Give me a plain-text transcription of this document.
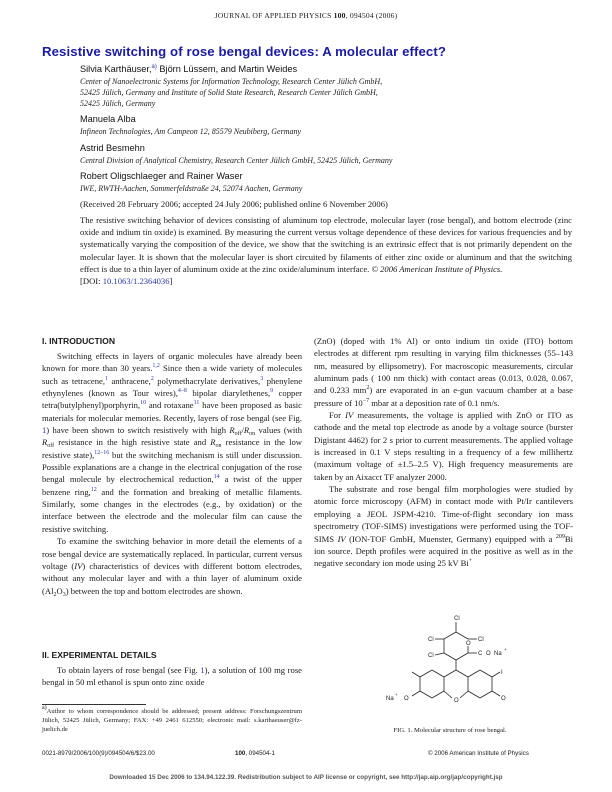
JOURNAL OF APPLIED PHYSICS 100, 094504 (2006)
Resistive switching of rose bengal devices: A molecular effect?
Silvia Karthäuser,$^{a)}$ Björn Lüssem, and Martin Weides
Center of Nanoelectronic Systems for Information Technology, Research Center Jülich GmbH,
52425 Jülich, Germany and Institute of Solid State Research, Research Center Jülich GmbH,
52425 Jülich, Germany
Manuela Alba
Infineon Technologies, Am Campeon 12, 85579 Neubiberg, Germany
Astrid Besmehn
Central Division of Analytical Chemistry, Research Center Jülich GmbH, 52425 Jülich, Germany
Robert Oligschlaeger and Rainer Waser
IWE, RWTH-Aachen, Sommerfeldstraße 24, 52074 Aachen, Germany
(Received 28 February 2006; accepted 24 July 2006; published online 6 November 2006)
The resistive switching behavior of devices consisting of aluminum top electrode, molecular layer (rose bengal), and bottom electrode (zinc oxide and indium tin oxide) is examined. By measuring the current versus voltage dependence of these devices for various frequencies and by systematically varying the composition of the device, we show that the switching is an extrinsic effect that is not primarily dependent on the molecular layer. It is shown that the molecular layer is short circuited by filaments of either zinc oxide or aluminum and that the switching effect is due to a thin layer of aluminum oxide at the zinc oxide/aluminum interface. © 2006 American Institute of Physics.
[DOI: 10.1063/1.2364036]
I. INTRODUCTION

Switching effects in layers of organic molecules have already been known for more than 30 years.$^{1,2}$ Since then a wide variety of molecules such as tetracene,$^1$ anthracene,$^2$ polymethacrylate derivatives,$^3$ phenylene ethynylenes (known as Tour wires),$^{4-8}$ bipolar diarylethenes,$^9$ copper tetra(butylphenyl)porphyrin,$^{10}$ and rotaxane$^{11}$ have been proposed as basic materials for molecular memories. Recently, layers of rose bengal (see Fig. 1) have been shown to switch resistively with high $R_{off}/R_{on}$ values (with $R_{off}$ resistance in the high resistive state and $R_{on}$ resistance in the low resistive state),$^{12-16}$ but the switching mechanism is still under discussion. Possible explanations are a change in the electrical conjugation of the rose bengal molecule by electrochemical reduction,$^{14}$ a twist of the upper benzene ring,$^{12}$ and the formation and breaking of metallic filaments. Similarly, some changes in the electrodes (e.g., by oxidation) or the interface between the electrode and the molecular film can cause the resistive switching.

To examine the switching behavior in more detail the elements of a rose bengal device are systematically replaced. In particular, current versus voltage (IV) characteristics of devices with different bottom electrodes, without any molecular layer and with a thin layer of aluminum oxide $(Al_2O_3)$ between the top and bottom electrodes are shown.

II. EXPERIMENTAL DETAILS

To obtain layers of rose bengal (see Fig. 1), a solution of 100 mg rose bengal in 50 ml ethanol is spun onto zinc oxide

$^{a)}$Author to whom correspondence should be addressed; present address: Forschungszentrum Jülich, 52425 Jülich, Germany; FAX: +49 2461 612550; electronic mail: s.karthaeuser@fz-juelich.de

(ZnO) (doped with 1% Al) or onto indium tin oxide (ITO) bottom electrodes at different rpm resulting in varying film thicknesses (55–143 nm, measured by ellipsometry). For macroscopic measurements, circular aluminum pads ( 100 nm thick) with contact areas (0.013, 0.028, 0.067, and 0.233 $mm^2$) are evaporated in an e-gun vacuum chamber at a base pressure of $10^{-7}$ mbar at a deposition rate of 0.1 nm/s.

For IV measurements, the voltage is applied with ZnO or ITO as cathode and the metal top electrode as anode by a voltage source (burster Digistant 4462) for 2 s prior to current measurements. The applied voltage is increased in 0.1 V steps resulting in a frequency of a few millihertz (maximum voltage of ±1.5–2.5 V). High frequency measurements are taken by an Aixacct TF analyzer 2000.

The substrate and rose bengal film morphologies were studied by atomic force microscopy (AFM) in contact mode with Pt/Ir cantilevers employing a JEOL JSPM-4210. Time-of-flight secondary ion mass spectrometry (TOF-SIMS) investigations were performed using the TOF-SIMS IV (ION-TOF GmbH, Muenster, Germany) equipped with a $^{209}$Bi ion source. Depth profiles were acquired in the positive as well as in the negative secondary ion mode using 25 kV Bi+

Cl
Cl	Cl
Cl
O
C O Na
+
I
Na
+
O	O	O
FIG. 1. Molecular structure of rose bengal.
0021-8979/2006/100(9)/094504/6/$23.00	100, 094504-1	© 2006 American Institute of Physics
Downloaded 15 Dec 2006 to 134.94.122.39. Redistribution subject to AIP license or copyright, see http://jap.aip.org/jap/copyright.jsp
